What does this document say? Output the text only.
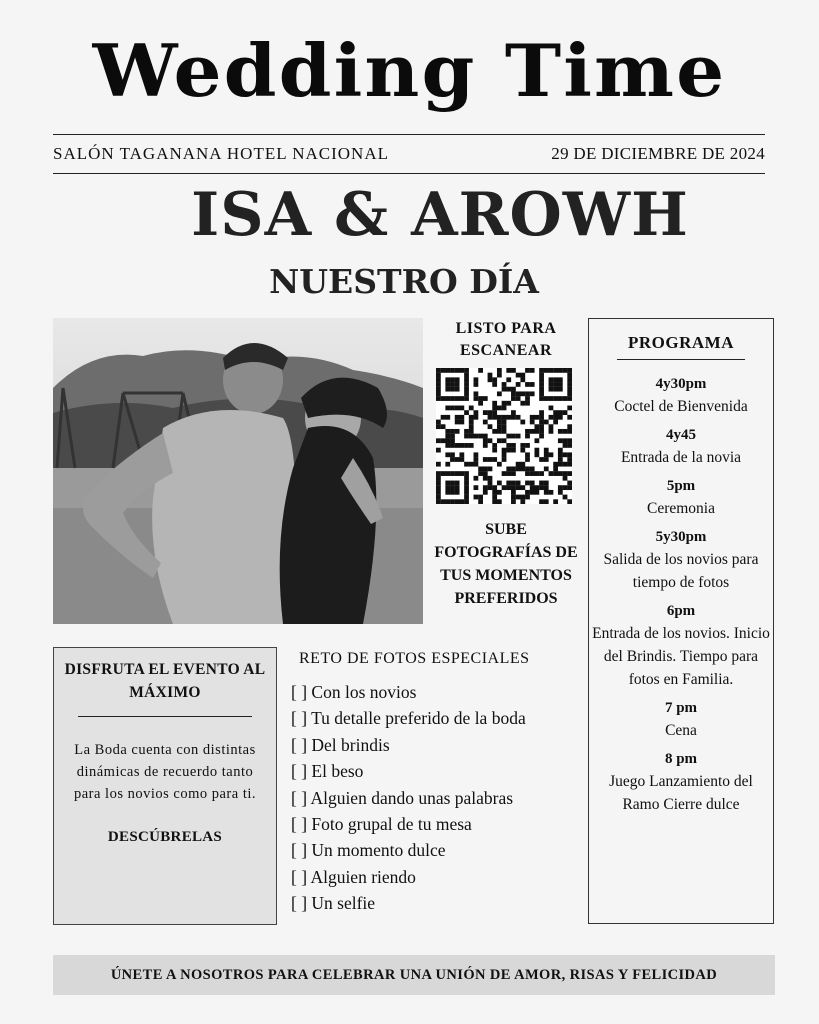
Wedding Time
SALÓN TAGANANA HOTEL NACIONAL	29 DE DICIEMBRE DE 2024
ISA & AROWH
NUESTRO DÍA
LISTO PARA ESCANEAR
SUBE FOTOGRAFÍAS DE TUS MOMENTOS PREFERIDOS
PROGRAMA
4y30pm
Coctel de Bienvenida
4y45
Entrada de la novia
5pm
Ceremonia
5y30pm
Salida de los novios para tiempo de fotos
6pm
Entrada de los novios. Inicio del Brindis. Tiempo para fotos en Familia.
7 pm
Cena
8 pm
Juego Lanzamiento del Ramo Cierre dulce
DISFRUTA EL EVENTO AL MÁXIMO

La Boda cuenta con distintas dinámicas de recuerdo tanto para los novios como para ti.

DESCÚBRELAS
RETO DE FOTOS ESPECIALES
[ ] Con los novios
[ ] Tu detalle preferido de la boda
[ ] Del brindis
[ ] El beso
[ ] Alguien dando unas palabras
[ ] Foto grupal de tu mesa
[ ] Un momento dulce
[ ] Alguien riendo
[ ] Un selfie
ÚNETE A NOSOTROS PARA CELEBRAR UNA UNIÓN DE AMOR, RISAS Y FELICIDAD
